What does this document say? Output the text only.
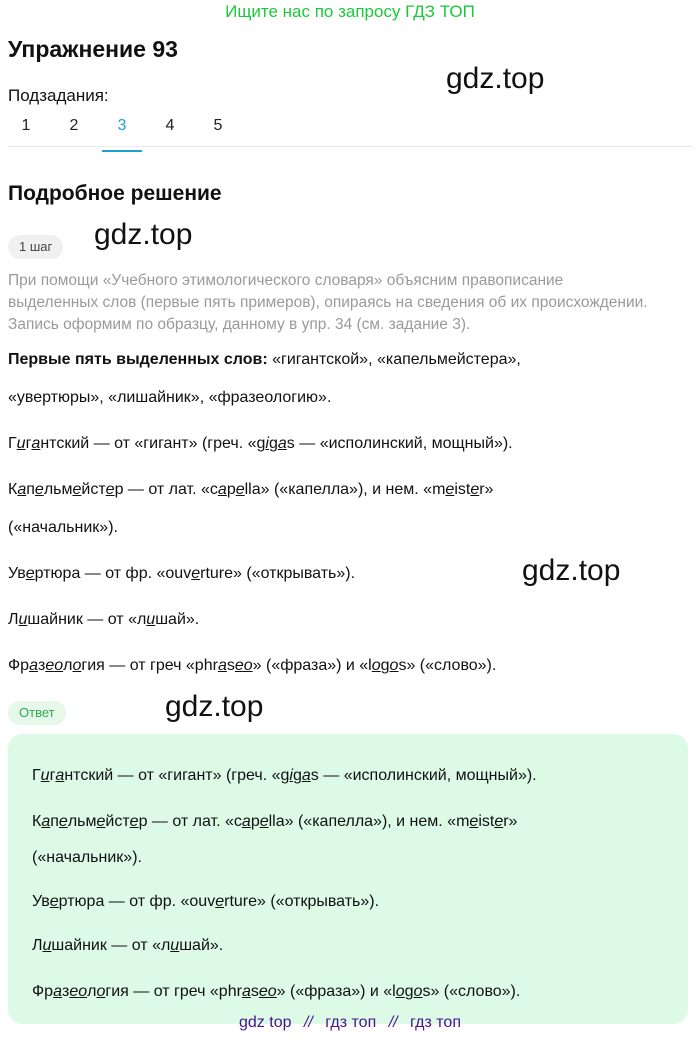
Ищите нас по запросу ГДЗ ТОП
Упражнение 93
gdz.top
Подзадания:
1	2	3	4	5
Подробное решение
1 шаг	gdz.top

При помощи «Учебного этимологического словаря» объясним правописание

выделенных слов (первые пять примеров), опираясь на сведения об их происхождении.

Запись оформим по образцу, данному в упр. 34 (см. задание 3).

Первые пять выделенных слов: «гигантской», «капельмейстера»,

«увертюры», «лишайник», «фразеологию».

Гигантский — от «гигант» (греч. «gigas — «исполинский, мощный»).

Капельмейстер — от лат. «capella» («капелла»), и нем. «meister»

(«начальник»).

Увертюра — от фр. «ouverture» («открывать»).

Лишайник — от «лишай».

Фразеология — от греч «phraseo» («фраза») и «logos» («слово»).

gdz.top
Ответ	gdz.top

Гигантский — от «гигант» (греч. «gigas — «исполинский, мощный»).

Капельмейстер — от лат. «capella» («капелла»), и нем. «meister»

(«начальник»).

Увертюра — от фр. «ouverture» («открывать»).

Лишайник — от «лишай».

Фразеология — от греч «phraseo» («фраза») и «logos» («слово»).

gdz top // гдз топ // гдз топ
